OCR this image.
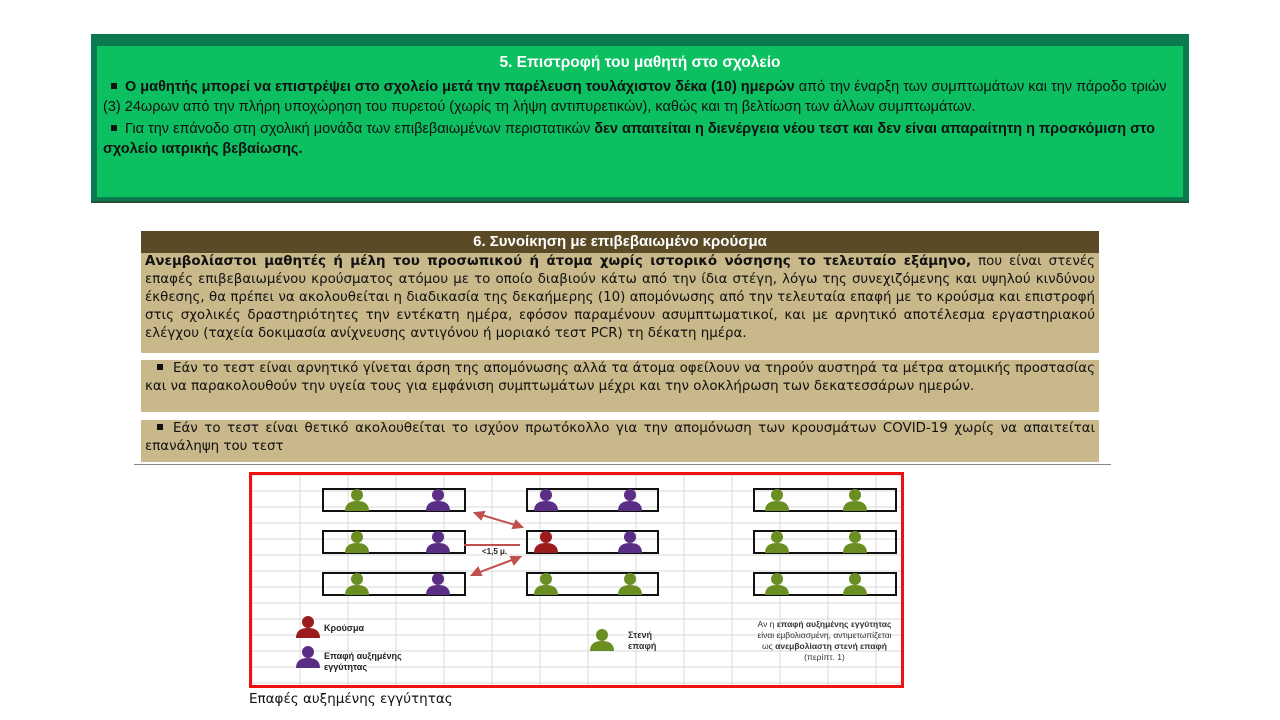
5. Επιστροφή του μαθητή στο σχολείο

Ο μαθητής μπορεί να επιστρέψει στο σχολείο μετά την παρέλευση τουλάχιστον δέκα (10) ημερών από την έναρξη των συμπτωμάτων και την πάροδο τριών (3) 24ωρων από την πλήρη υποχώρηση του πυρετού (χωρίς τη λήψη αντιπυρετικών), καθώς και τη βελτίωση των άλλων συμπτωμάτων.

Για την επάνοδο στη σχολική μονάδα των επιβεβαιωμένων περιστατικών δεν απαιτείται η διενέργεια νέου τεστ και δεν είναι απαραίτητη η προσκόμιση στο σχολείο ιατρικής βεβαίωσης.

6. Συνοίκηση με επιβεβαιωμένο κρούσμα
Ανεμβολίαστοι μαθητές ή μέλη του προσωπικού ή άτομα χωρίς ιστορικό νόσησης το τελευταίο εξάμηνο, που είναι στενές επαφές επιβεβαιωμένου κρούσματος ατόμου με το οποίο διαβιούν κάτω από την ίδια στέγη, λόγω της συνεχιζόμενης και υψηλού κινδύνου έκθεσης, θα πρέπει να ακολουθείται η διαδικασία της δεκαήμερης (10) απομόνωσης από την τελευταία επαφή με το κρούσμα και επιστροφή στις σχολικές δραστηριότητες την εντέκατη ημέρα, εφόσον παραμένουν ασυμπτωματικοί, και με αρνητικό αποτέλεσμα εργαστηριακού ελέγχου (ταχεία δοκιμασία ανίχνευσης αντιγόνου ή μοριακό τεστ PCR) τη δέκατη ημέρα.
Εάν το τεστ είναι αρνητικό γίνεται άρση της απομόνωσης αλλά τα άτομα οφείλουν να τηρούν αυστηρά τα μέτρα ατομικής προστασίας και να παρακολουθούν την υγεία τους για εμφάνιση συμπτωμάτων μέχρι και την ολοκλήρωση των δεκατεσσάρων ημερών.
Εάν το τεστ είναι θετικό ακολουθείται το ισχύον πρωτόκολλο για την απομόνωση των κρουσμάτων COVID-19 χωρίς να απαιτείται επανάληψη του τεστ
<1,5 μ.
Κρούσμα
Επαφή αυξημένης
εγγύτητας
Στενή
επαφή
Αν η επαφή αυξημένης εγγύτητας είναι εμβολιασμένη, αντιμετωπίζεται ως ανεμβολίαστη στενή επαφή (περίπτ. 1)
Επαφές αυξημένης εγγύτητας
